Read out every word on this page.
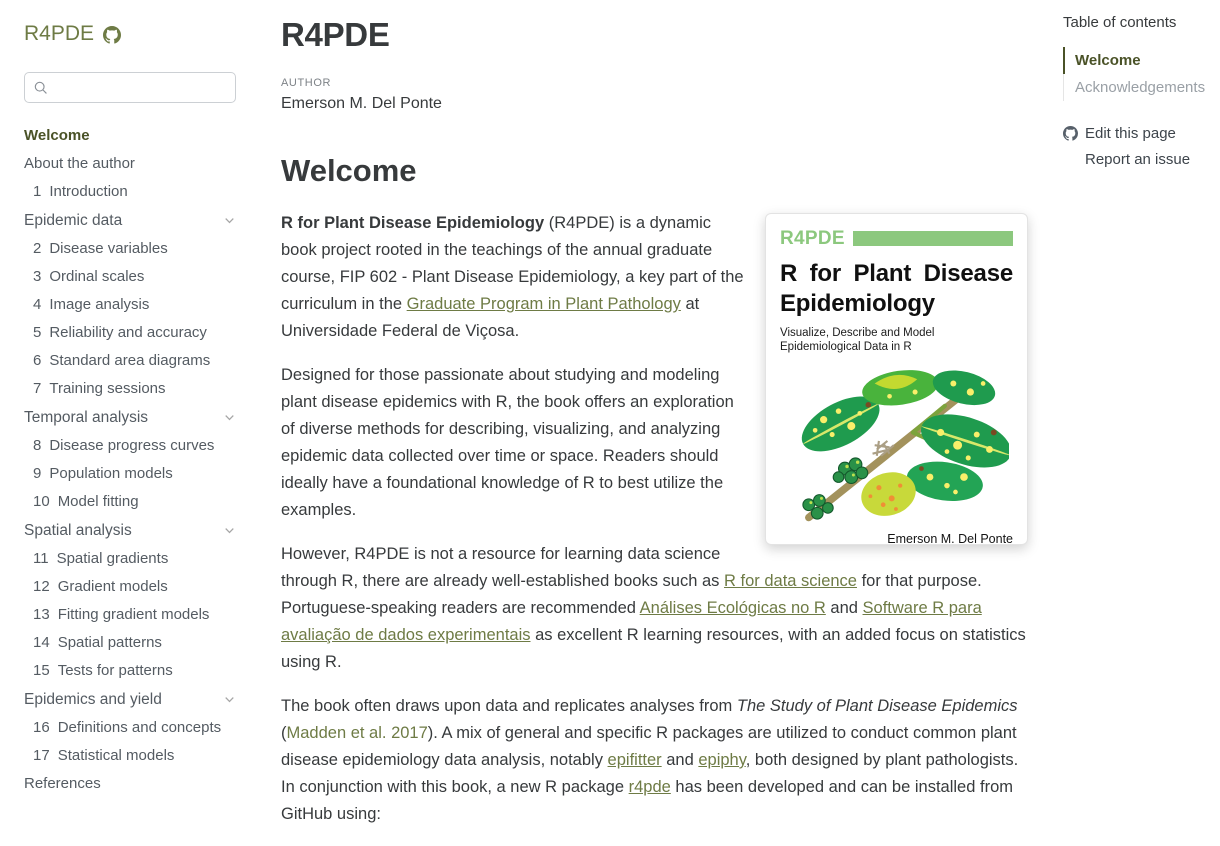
R4PDE
Welcome
About the author
1 Introduction
Epidemic data
2 Disease variables
3 Ordinal scales
4 Image analysis
5 Reliability and accuracy
6 Standard area diagrams
7 Training sessions
Temporal analysis
8 Disease progress curves
9 Population models
10 Model fitting
Spatial analysis
11 Spatial gradients
12 Gradient models
13 Fitting gradient models
14 Spatial patterns
15 Tests for patterns
Epidemics and yield
16 Definitions and concepts
17 Statistical models
References
R4PDE
AUTHOR
Emerson M. Del Ponte
Welcome
R4PDE
R for Plant Disease Epidemiology
Visualize, Describe and Model Epidemiological Data in R
Emerson M. Del Ponte

R for Plant Disease Epidemiology (R4PDE) is a dynamic book project rooted in the teachings of the annual graduate course, FIP 602 - Plant Disease Epidemiology, a key part of the curriculum in the Graduate Program in Plant Pathology at Universidade Federal de Viçosa.

Designed for those passionate about studying and modeling plant disease epidemics with R, the book offers an exploration of diverse methods for describing, visualizing, and analyzing epidemic data collected over time or space. Readers should ideally have a foundational knowledge of R to best utilize the examples.

However, R4PDE is not a resource for learning data science through R, there are already well-established books such as R for data science for that purpose. Portuguese-speaking readers are recommended Análises Ecológicas no R and Software R para avaliação de dados experimentais as excellent R learning resources, with an added focus on statistics using R.

The book often draws upon data and replicates analyses from The Study of Plant Disease Epidemics (Madden et al. 2017). A mix of general and specific R packages are utilized to conduct common plant disease epidemiology data analysis, notably epifitter and epiphy, both designed by plant pathologists. In conjunction with this book, a new R package r4pde has been developed and can be installed from GitHub using:

Table of contents
Welcome
Acknowledgements
Edit this page
Report an issue
